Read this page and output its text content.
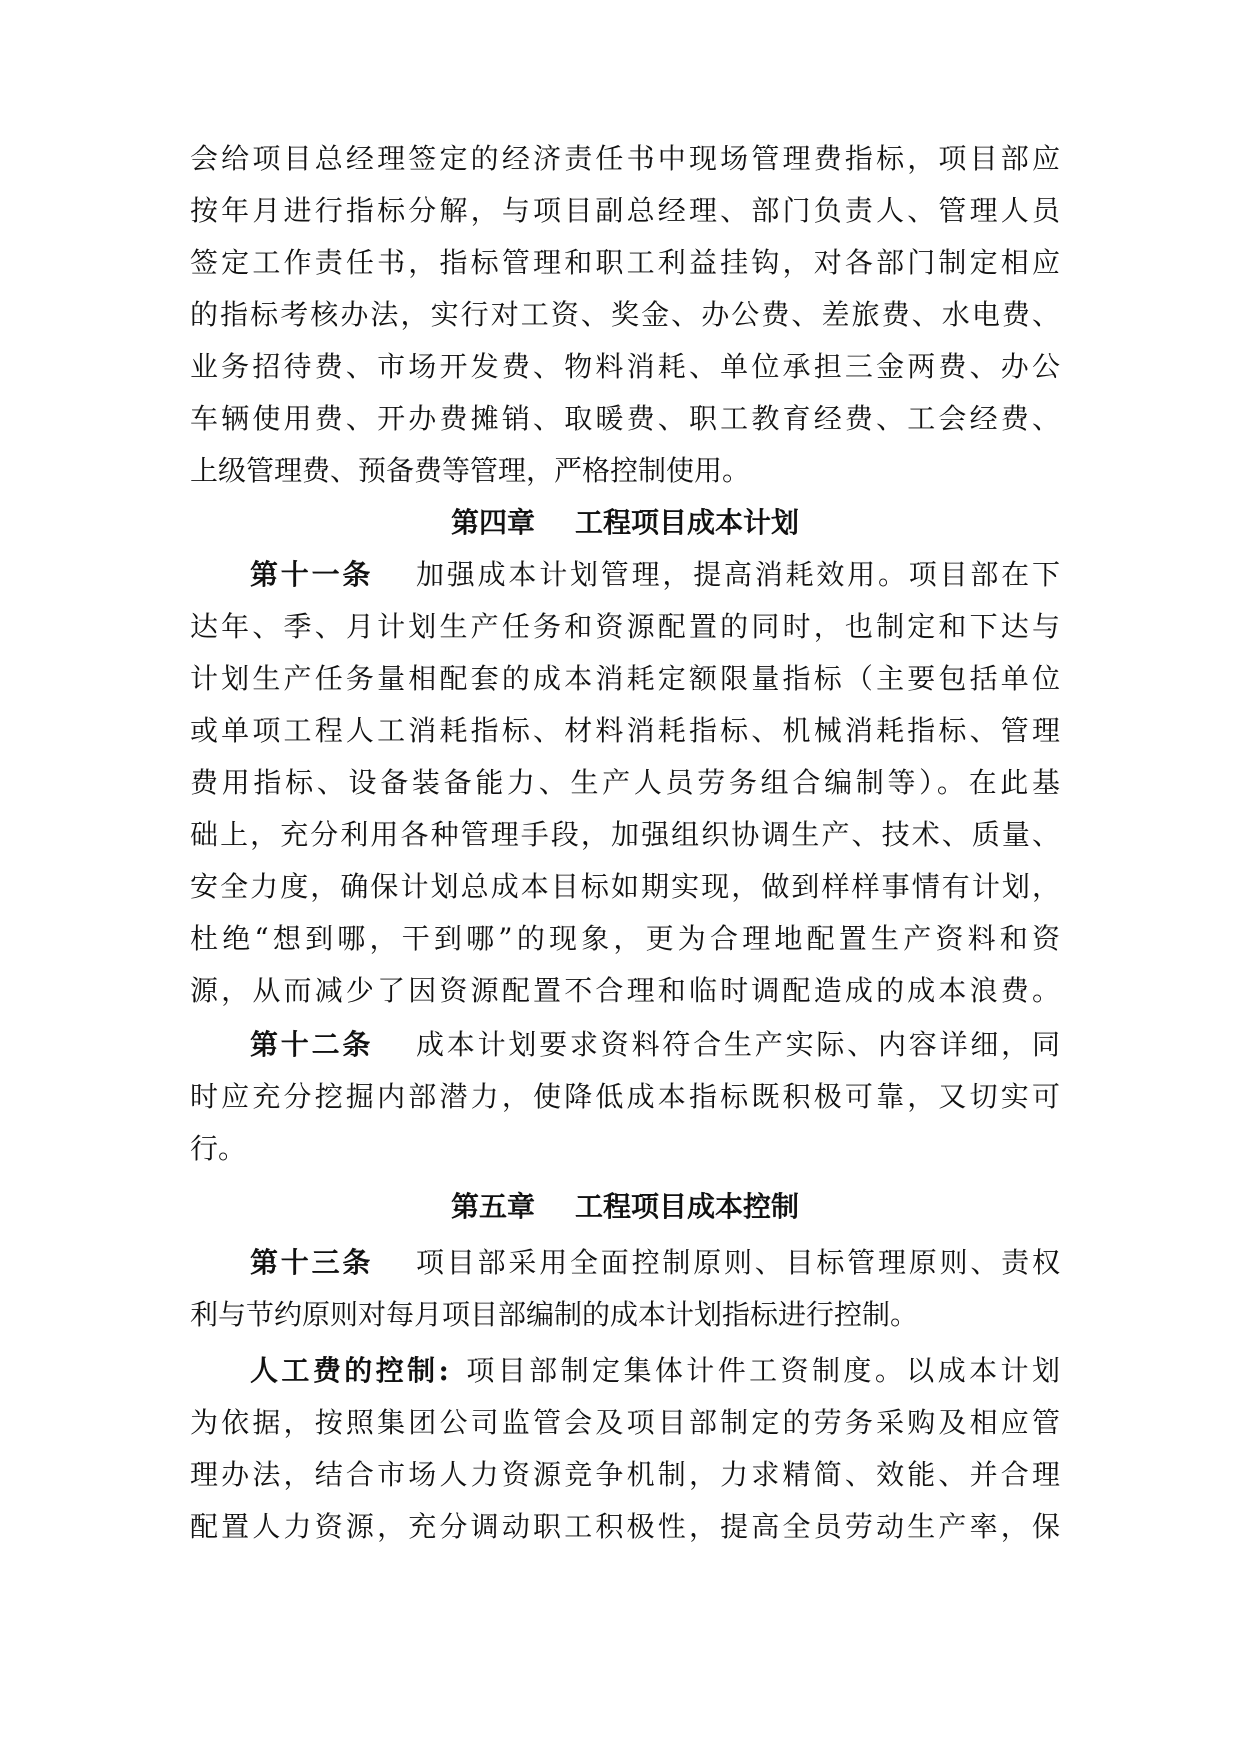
会给项目总经理签定的经济责任书中现场管理费指标，项目部应
按年月进行指标分解，与项目副总经理、部门负责人、管理人员
签定工作责任书，指标管理和职工利益挂钩，对各部门制定相应
的指标考核办法，实行对工资、奖金、办公费、差旅费、水电费、
业务招待费、市场开发费、物料消耗、单位承担三金两费、办公
车辆使用费、开办费摊销、取暖费、职工教育经费、工会经费、
上级管理费、预备费等管理，严格控制使用。
第四章 工程项目成本计划
第十一条 加强成本计划管理，提高消耗效用。项目部在下
达年、季、月计划生产任务和资源配置的同时，也制定和下达与
计划生产任务量相配套的成本消耗定额限量指标（主要包括单位
或单项工程人工消耗指标、材料消耗指标、机械消耗指标、管理
费用指标、设备装备能力、生产人员劳务组合编制等）。在此基
础上，充分利用各种管理手段，加强组织协调生产、技术、质量、
安全力度，确保计划总成本目标如期实现，做到样样事情有计划，
杜绝“想到哪，干到哪”的现象，更为合理地配置生产资料和资
源，从而减少了因资源配置不合理和临时调配造成的成本浪费。
第十二条 成本计划要求资料符合生产实际、内容详细，同
时应充分挖掘内部潜力，使降低成本指标既积极可靠，又切实可
行。
第五章 工程项目成本控制
第十三条 项目部采用全面控制原则、目标管理原则、责权
利与节约原则对每月项目部编制的成本计划指标进行控制。
人工费的控制: 项目部制定集体计件工资制度。以成本计划
为依据，按照集团公司监管会及项目部制定的劳务采购及相应管
理办法，结合市场人力资源竞争机制，力求精简、效能、并合理
配置人力资源，充分调动职工积极性，提高全员劳动生产率，保
